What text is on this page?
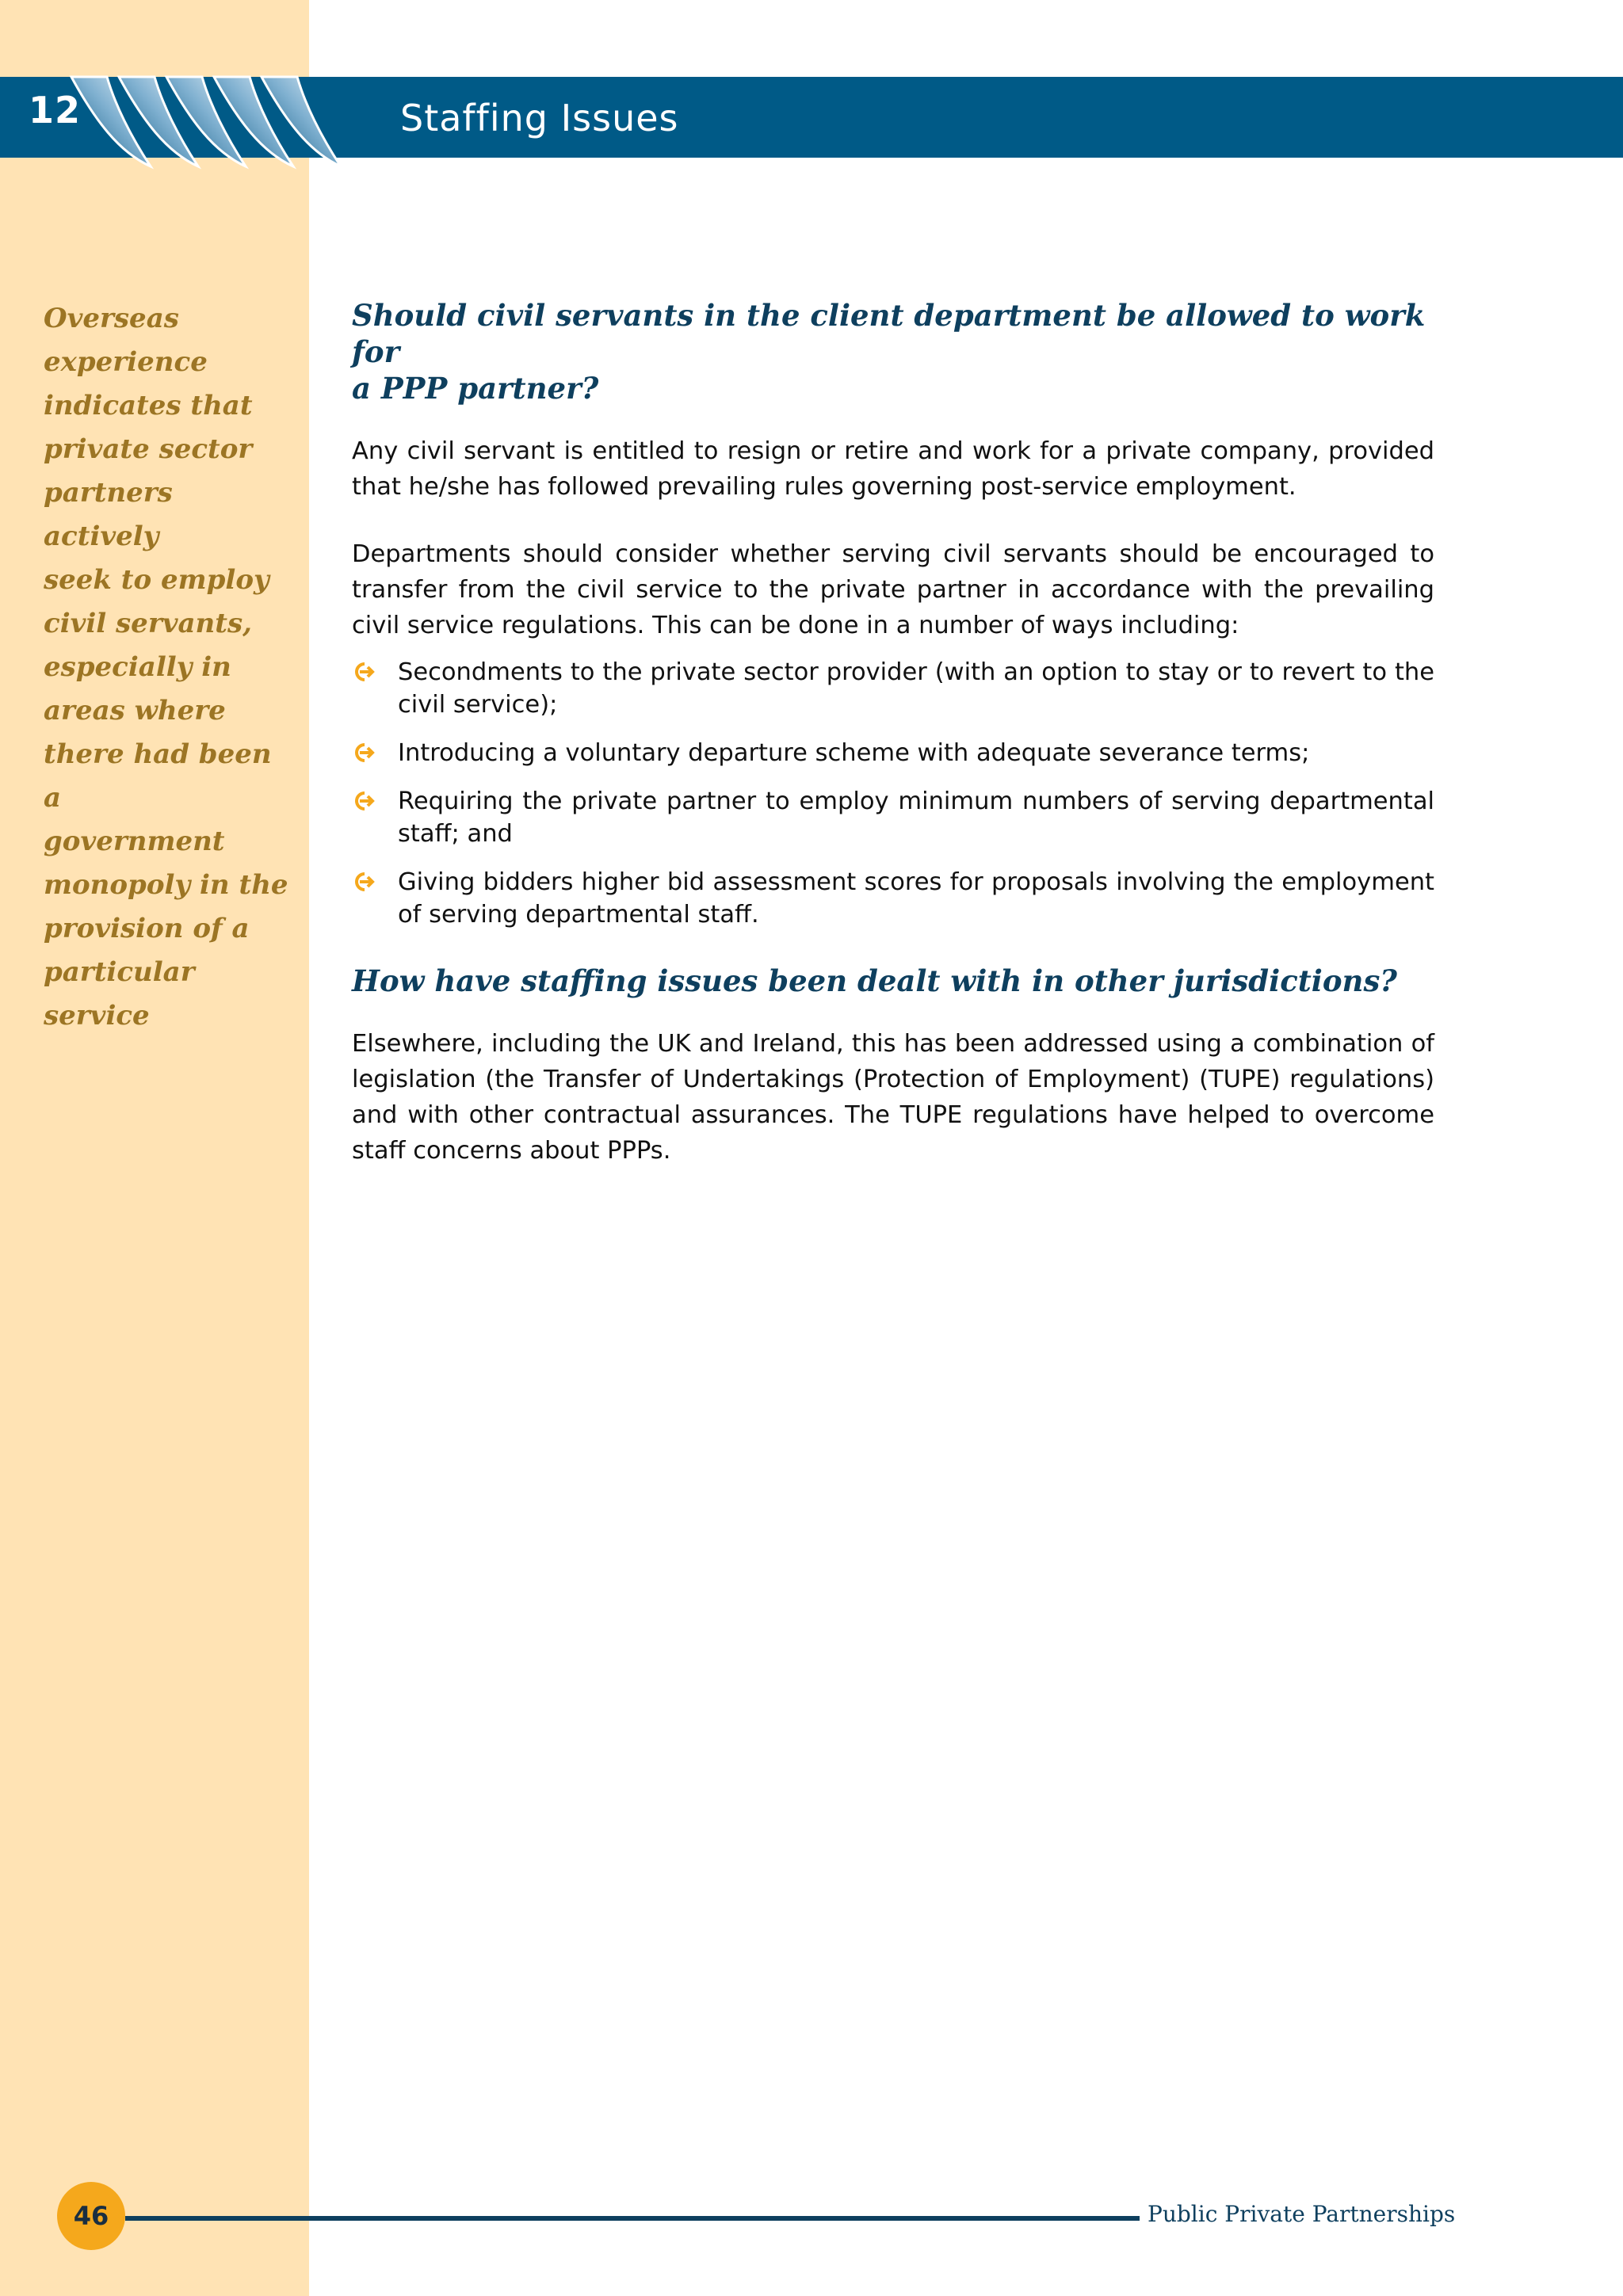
12	Staffing Issues
Overseas
experience
indicates that
private sector
partners actively
seek to employ
civil servants,
especially in
areas where
there had been a
government
monopoly in the
provision of a
particular service
Should civil servants in the client department be allowed to work for
a PPP partner?

Any civil servant is entitled to resign or retire and work for a private company, provided that he/she has followed prevailing rules governing post-service employment.

Departments should consider whether serving civil servants should be encouraged to transfer from the civil service to the private partner in accordance with the prevailing civil service regulations. This can be done in a number of ways including:

Secondments to the private sector provider (with an option to stay or to revert to the civil service);
Introducing a voluntary departure scheme with adequate severance terms;
Requiring the private partner to employ minimum numbers of serving departmental staff; and
Giving bidders higher bid assessment scores for proposals involving the employment of serving departmental staff.
How have staffing issues been dealt with in other jurisdictions?

Elsewhere, including the UK and Ireland, this has been addressed using a combination of legislation (the Transfer of Undertakings (Protection of Employment) (TUPE) regulations) and with other contractual assurances. The TUPE regulations have helped to overcome staff concerns about PPPs.

46	Public Private Partnerships
